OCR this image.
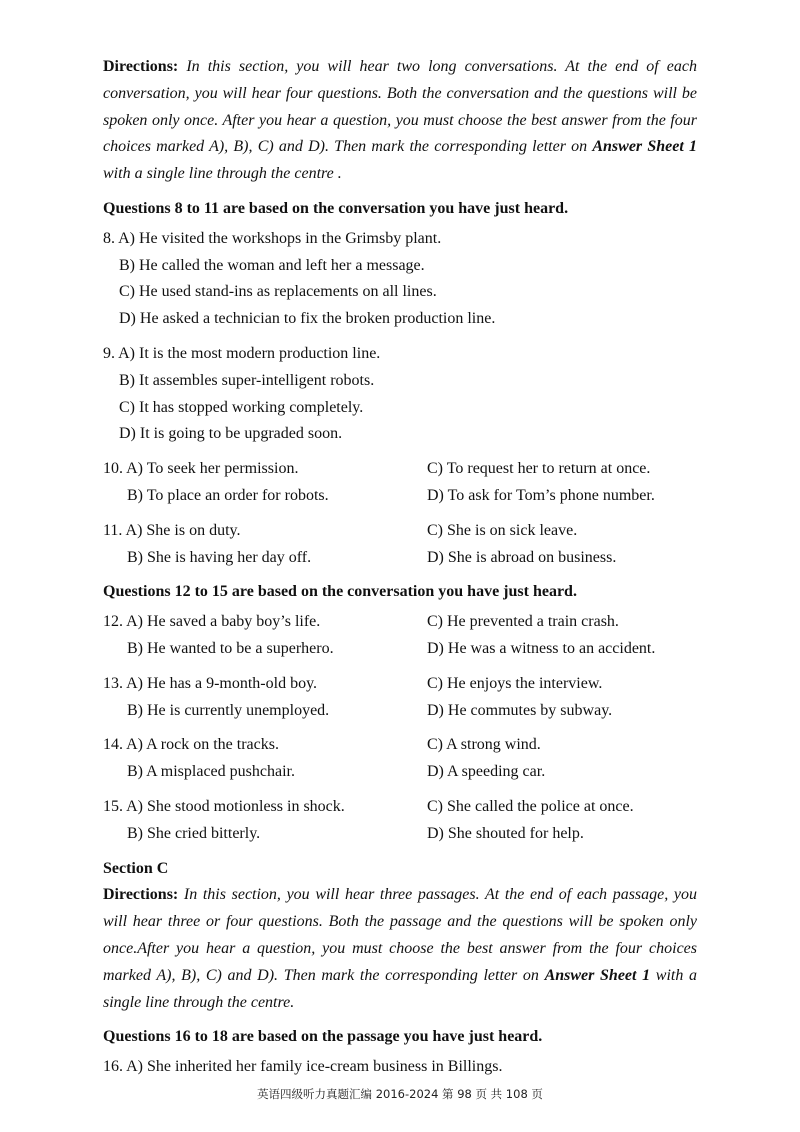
Directions: In this section, you will hear two long conversations. At the end of each conversation, you will hear four questions. Both the conversation and the questions will be spoken only once. After you hear a question, you must choose the best answer from the four choices marked A), B), C) and D). Then mark the corresponding letter on Answer Sheet 1 with a single line through the centre .

Questions 8 to 11 are based on the conversation you have just heard.
8. A) He visited the workshops in the Grimsby plant.
B) He called the woman and left her a message.
C) He used stand-ins as replacements on all lines.
D) He asked a technician to fix the broken production line.
9. A) It is the most modern production line.
B) It assembles super-intelligent robots.
C) It has stopped working completely.
D) It is going to be upgraded soon.
10. A) To seek her permission.	C) To request her to return at once.
B) To place an order for robots.	D) To ask for Tom’s phone number.
11. A) She is on duty.	C) She is on sick leave.
B) She is having her day off.	D) She is abroad on business.
Questions 12 to 15 are based on the conversation you have just heard.
12. A) He saved a baby boy’s life.	C) He prevented a train crash.
B) He wanted to be a superhero.	D) He was a witness to an accident.
13. A) He has a 9-month-old boy.	C) He enjoys the interview.
B) He is currently unemployed.	D) He commutes by subway.
14. A) A rock on the tracks.	C) A strong wind.
B) A misplaced pushchair.	D) A speeding car.
15. A) She stood motionless in shock.	C) She called the police at once.
B) She cried bitterly.	D) She shouted for help.
Section C

Directions: In this section, you will hear three passages. At the end of each passage, you will hear three or four questions. Both the passage and the questions will be spoken only once.After you hear a question, you must choose the best answer from the four choices marked A), B), C) and D). Then mark the corresponding letter on Answer Sheet 1 with a single line through the centre.

Questions 16 to 18 are based on the passage you have just heard.
16. A) She inherited her family ice-cream business in Billings.
英语四级听力真题汇编 2016-2024 第 98 页 共 108 页
